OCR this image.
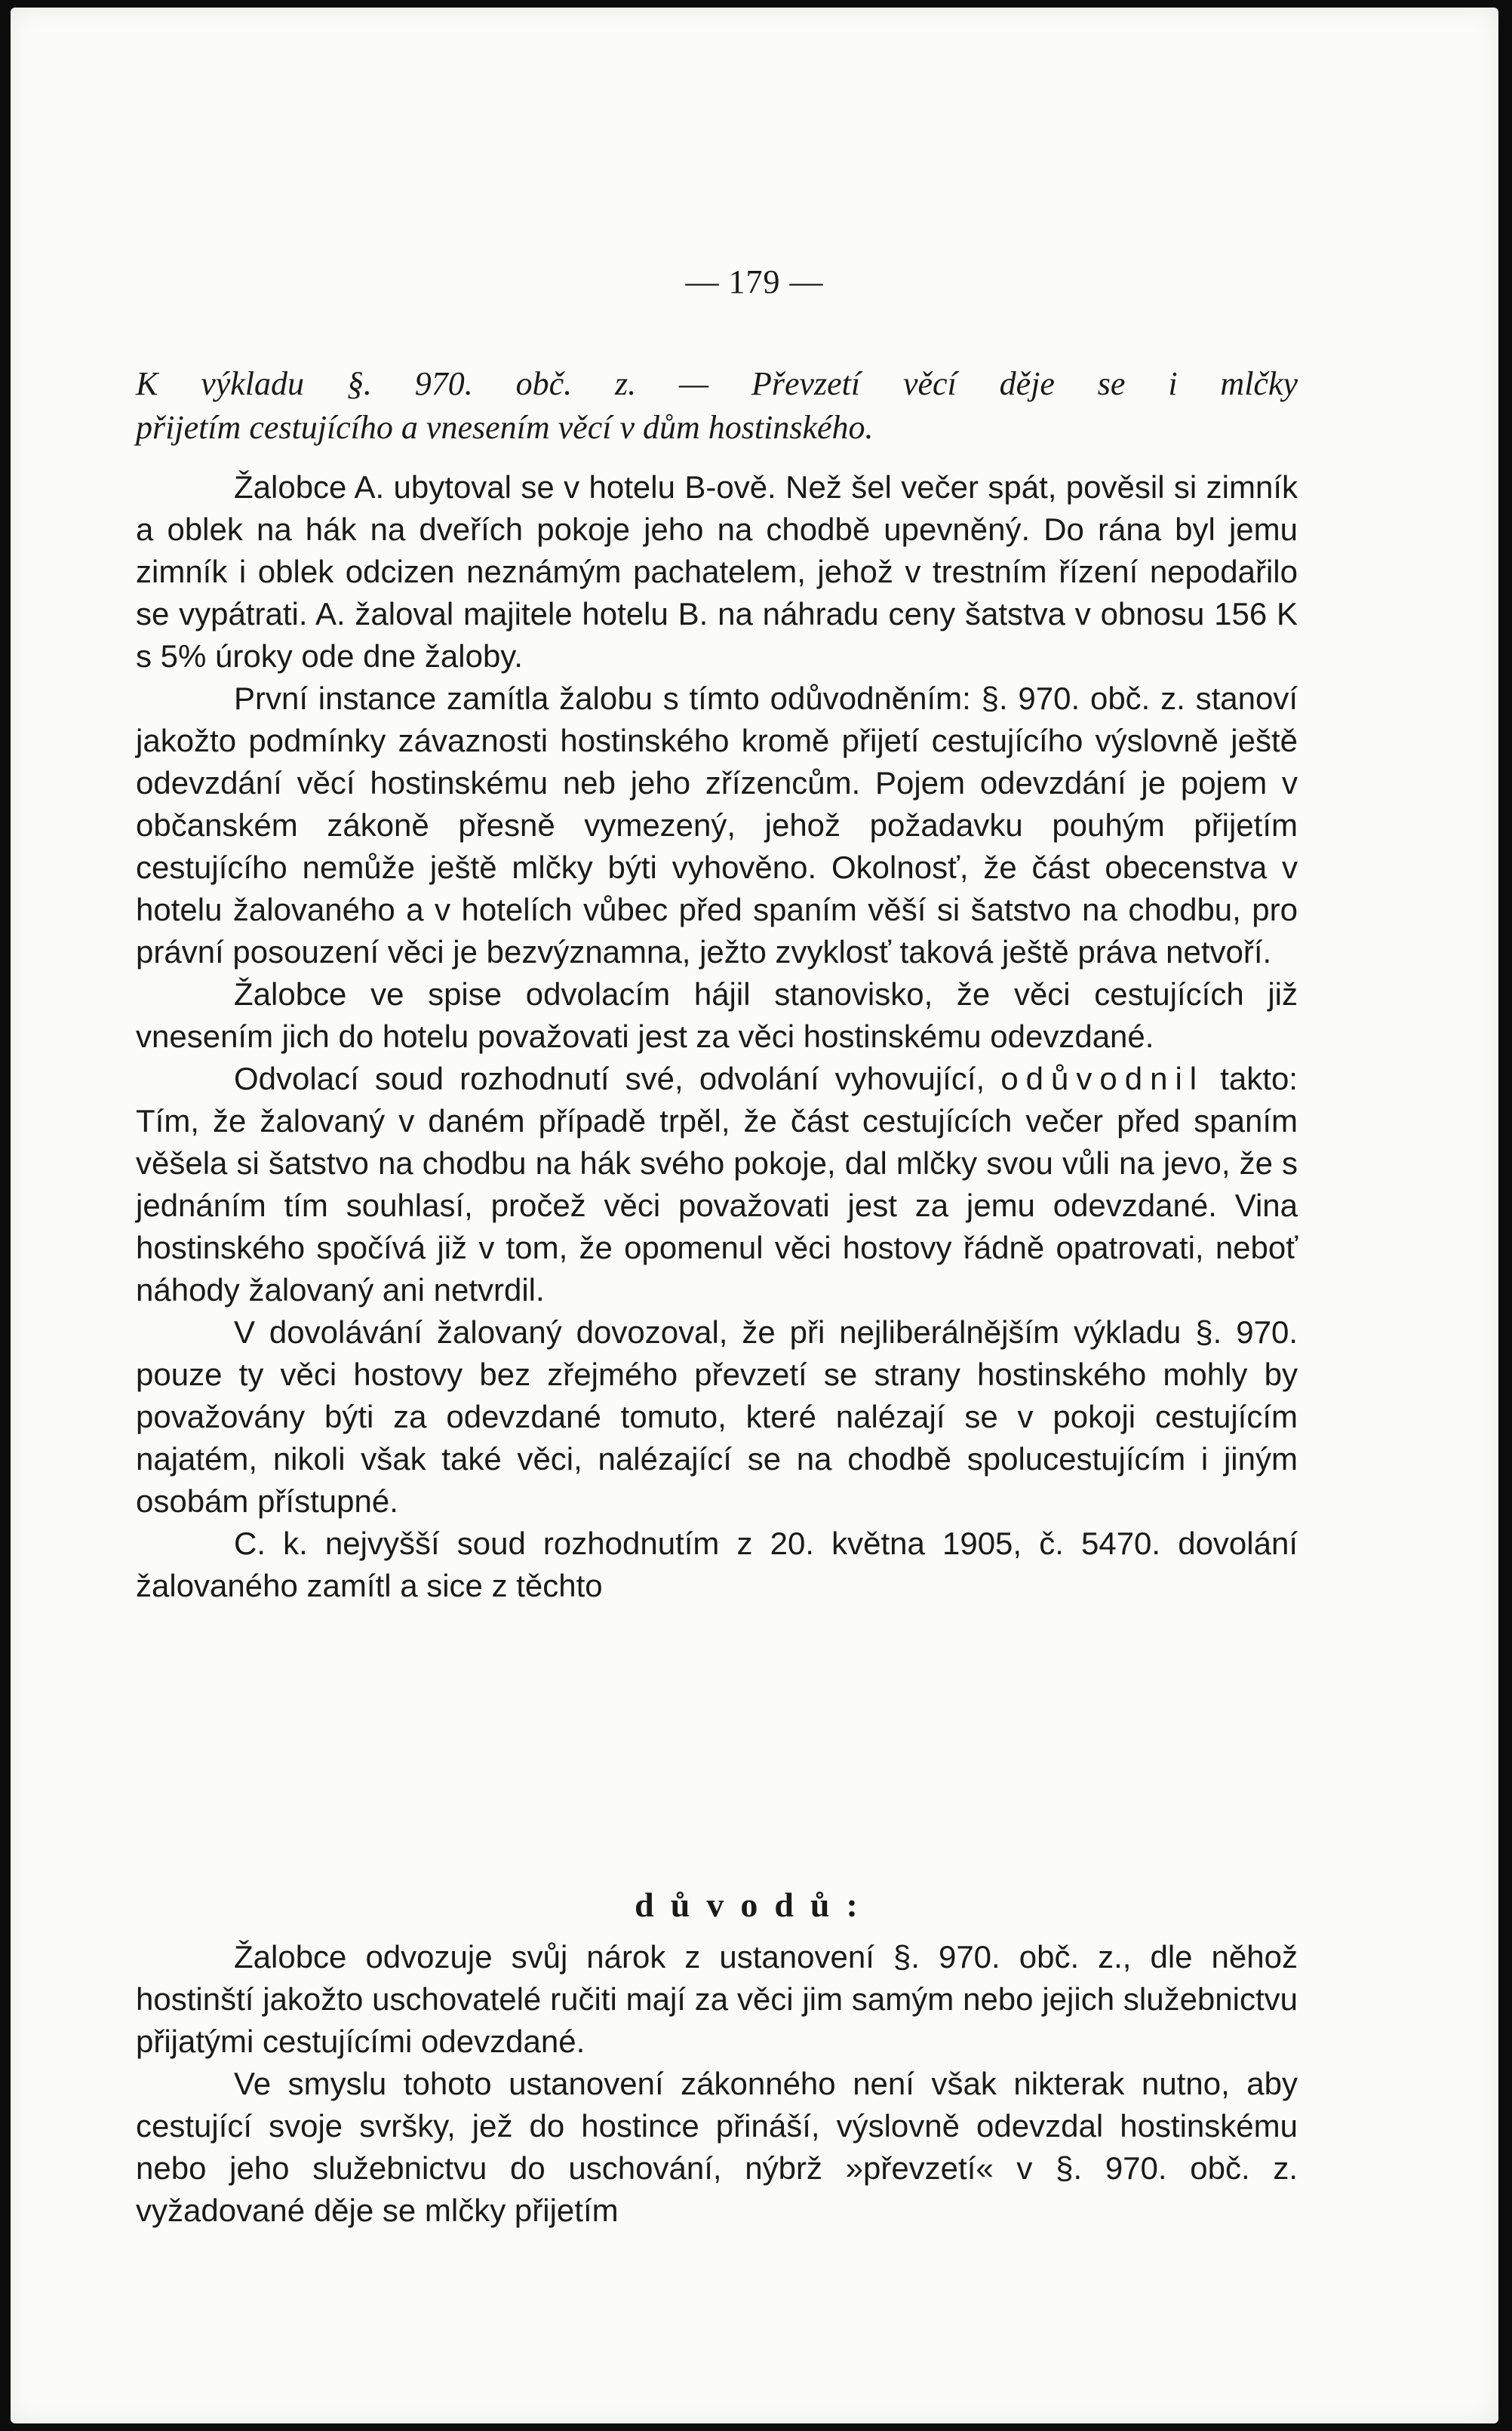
— 179 —
K výkladu §. 970. obč. z. — Převzetí věcí děje se i mlčky
přijetím cestujícího a vnesením věcí v dům hostinského.

Žalobce A. ubytoval se v hotelu B-ově. Než šel večer spát, pověsil si zimník a oblek na hák na dveřích pokoje jeho na chodbě upevněný. Do rána byl jemu zimník i oblek odcizen neznámým pachatelem, jehož v trestním řízení nepodařilo se vypátrati. A. žaloval majitele hotelu B. na náhradu ceny šatstva v obnosu 156 K s 5% úroky ode dne žaloby.

První instance zamítla žalobu s tímto odůvodněním: §. 970. obč. z. stanoví jakožto podmínky závaznosti hostinského kromě přijetí cestujícího výslovně ještě odevzdání věcí hostinskému neb jeho zřízencům. Pojem odevzdání je pojem v občanském zákoně přesně vymezený, jehož požadavku pouhým přijetím cestujícího nemůže ještě mlčky býti vyhověno. Okolnosť, že část obecenstva v hotelu žalovaného a v hotelích vůbec před spaním věší si šatstvo na chodbu, pro právní posouzení věci je bezvýznamna, ježto zvyklosť taková ještě práva netvoří.

Žalobce ve spise odvolacím hájil stanovisko, že věci cestujících již vnesením jich do hotelu považovati jest za věci hostinskému odevzdané.

Odvolací soud rozhodnutí své, odvolání vyhovující, odůvodnil takto: Tím, že žalovaný v daném případě trpěl, že část cestujících večer před spaním věšela si šatstvo na chodbu na hák svého pokoje, dal mlčky svou vůli na jevo, že s jednáním tím souhlasí, pročež věci považovati jest za jemu odevzdané. Vina hostinského spočívá již v tom, že opomenul věci hostovy řádně opatrovati, neboť náhody žalovaný ani netvrdil.

V dovolávání žalovaný dovozoval, že při nejliberálnějším výkladu §. 970. pouze ty věci hostovy bez zřejmého převzetí se strany hostinského mohly by považovány býti za odevzdané tomuto, které nalézají se v pokoji cestujícím najatém, nikoli však také věci, nalézající se na chodbě spolucestujícím i jiným osobám přístupné.

C. k. nejvyšší soud rozhodnutím z 20. května 1905, č. 5470. dovolání žalovaného zamítl a sice z těchto

důvodů:

Žalobce odvozuje svůj nárok z ustanovení §. 970. obč. z., dle něhož hostinští jakožto uschovatelé ručiti mají za věci jim samým nebo jejich služebnictvu přijatými cestujícími odevzdané.

Ve smyslu tohoto ustanovení zákonného není však nikterak nutno, aby cestující svoje svršky, jež do hostince přináší, výslovně odevzdal hostinskému nebo jeho služebnictvu do uschování, nýbrž »převzetí« v §. 970. obč. z. vyžadované děje se mlčky přijetím
